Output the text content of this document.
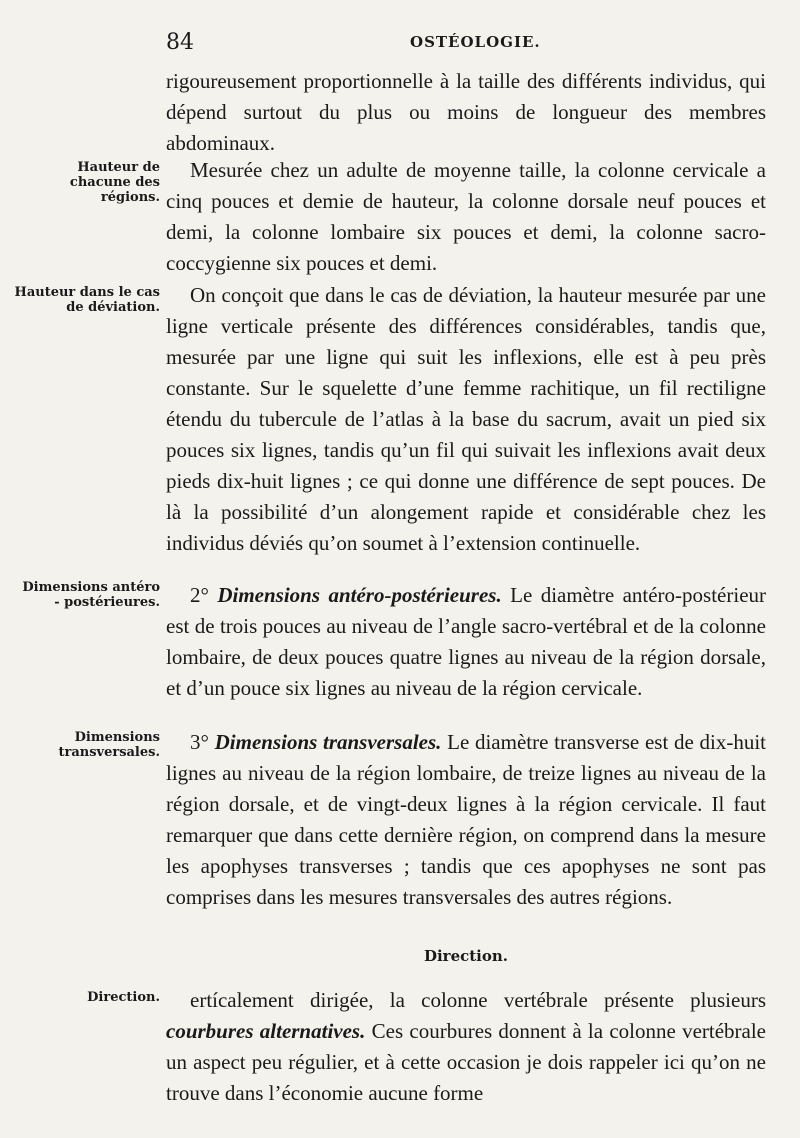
84	OSTÉOLOGIE.
Hauteur de chacune des régions.
Hauteur dans le cas de déviation.
Dimensions antéro - postérieures.
Dimensions transversales.
Direction.

rigoureusement proportionnelle à la taille des différents individus, qui dépend surtout du plus ou moins de longueur des membres abdominaux.

Mesurée chez un adulte de moyenne taille, la colonne cervicale a cinq pouces et demie de hauteur, la colonne dorsale neuf pouces et demi, la colonne lombaire six pouces et demi, la colonne sacro-coccygienne six pouces et demi.

On conçoit que dans le cas de déviation, la hauteur mesurée par une ligne verticale présente des différences considérables, tandis que, mesurée par une ligne qui suit les inflexions, elle est à peu près constante. Sur le squelette d’une femme rachitique, un fil rectiligne étendu du tubercule de l’atlas à la base du sacrum, avait un pied six pouces six lignes, tandis qu’un fil qui suivait les inflexions avait deux pieds dix-huit lignes ; ce qui donne une différence de sept pouces. De là la possibilité d’un alongement rapide et considérable chez les individus déviés qu’on soumet à l’extension continuelle.

2° Dimensions antéro-postérieures. Le diamètre antéro-postérieur est de trois pouces au niveau de l’angle sacro-vertébral et de la colonne lombaire, de deux pouces quatre lignes au niveau de la région dorsale, et d’un pouce six lignes au niveau de la région cervicale.

3° Dimensions transversales. Le diamètre transverse est de dix-huit lignes au niveau de la région lombaire, de treize lignes au niveau de la région dorsale, et de vingt-deux lignes à la région cervicale. Il faut remarquer que dans cette dernière région, on comprend dans la mesure les apophyses transverses ; tandis que ces apophyses ne sont pas comprises dans les mesures transversales des autres régions.

Direction.

ertícalement dirigée, la colonne vertébrale présente plusieurs courbures alternatives. Ces courbures donnent à la colonne vertébrale un aspect peu régulier, et à cette occasion je dois rappeler ici qu’on ne trouve dans l’économie aucune forme
